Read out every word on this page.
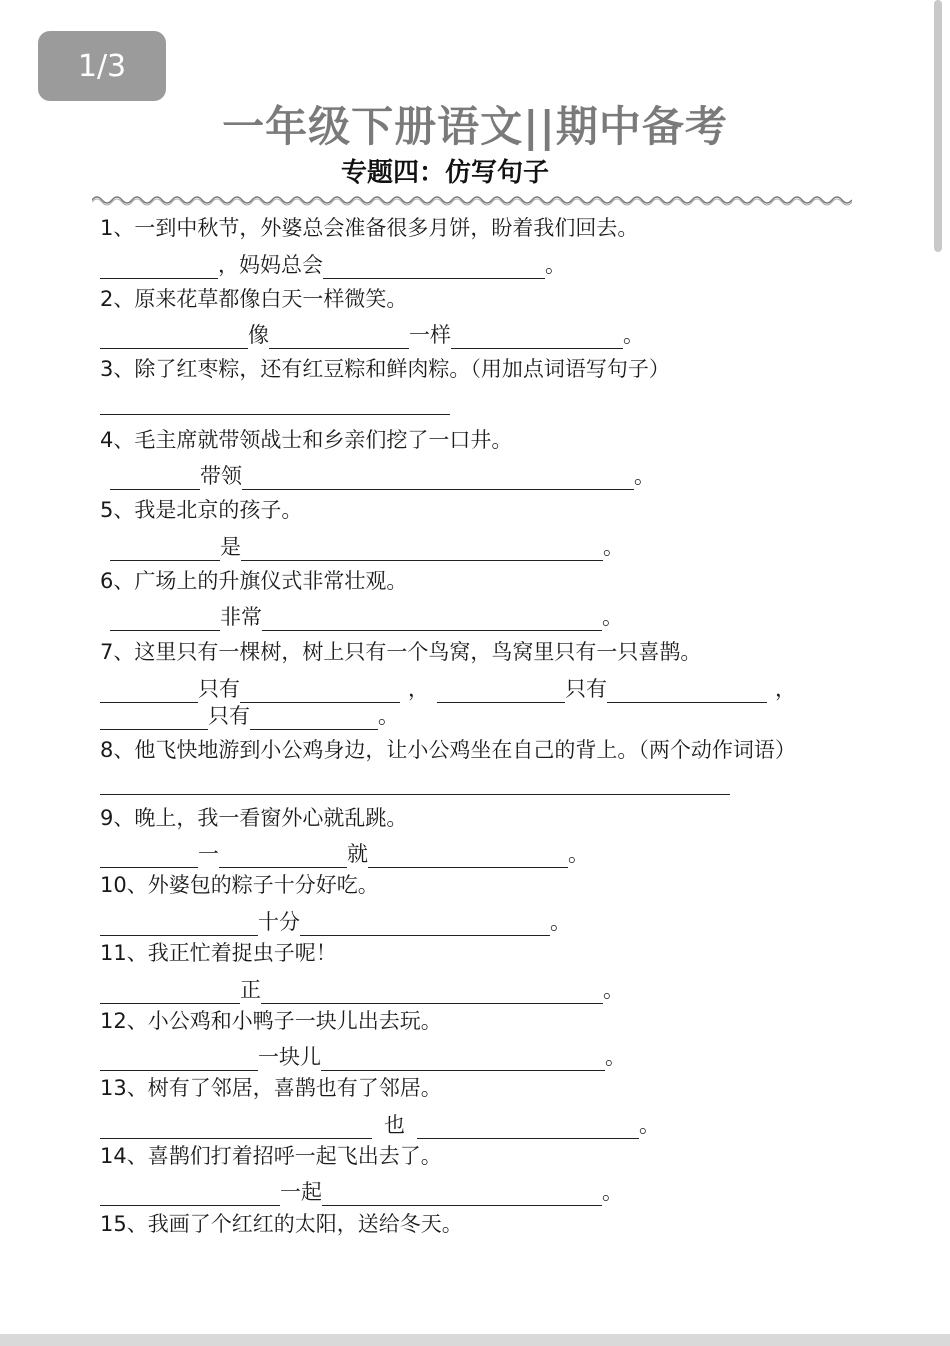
1/3
一年级下册语文||期中备考
专题四：仿写句子
1、一到中秋节，外婆总会准备很多月饼，盼着我们回去。
，妈妈总会	。
2、原来花草都像白天一样微笑。
像	一样	。
3、除了红枣粽，还有红豆粽和鲜肉粽。（用加点词语写句子）
4、毛主席就带领战士和乡亲们挖了一口井。
带领	。
5、我是北京的孩子。
是	。
6、广场上的升旗仪式非常壮观。
非常	。
7、这里只有一棵树，树上只有一个鸟窝，鸟窝里只有一只喜鹊。
只有	，	只有	，
只有	。
8、他飞快地游到小公鸡身边，让小公鸡坐在自己的背上。（两个动作词语）
9、晚上，我一看窗外心就乱跳。
一	就	。
10、外婆包的粽子十分好吃。
十分	。
11、我正忙着捉虫子呢！
正	。
12、小公鸡和小鸭子一块儿出去玩。
一块儿	。
13、树有了邻居，喜鹊也有了邻居。
也	。
14、喜鹊们打着招呼一起飞出去了。
一起	。
15、我画了个红红的太阳，送给冬天。
